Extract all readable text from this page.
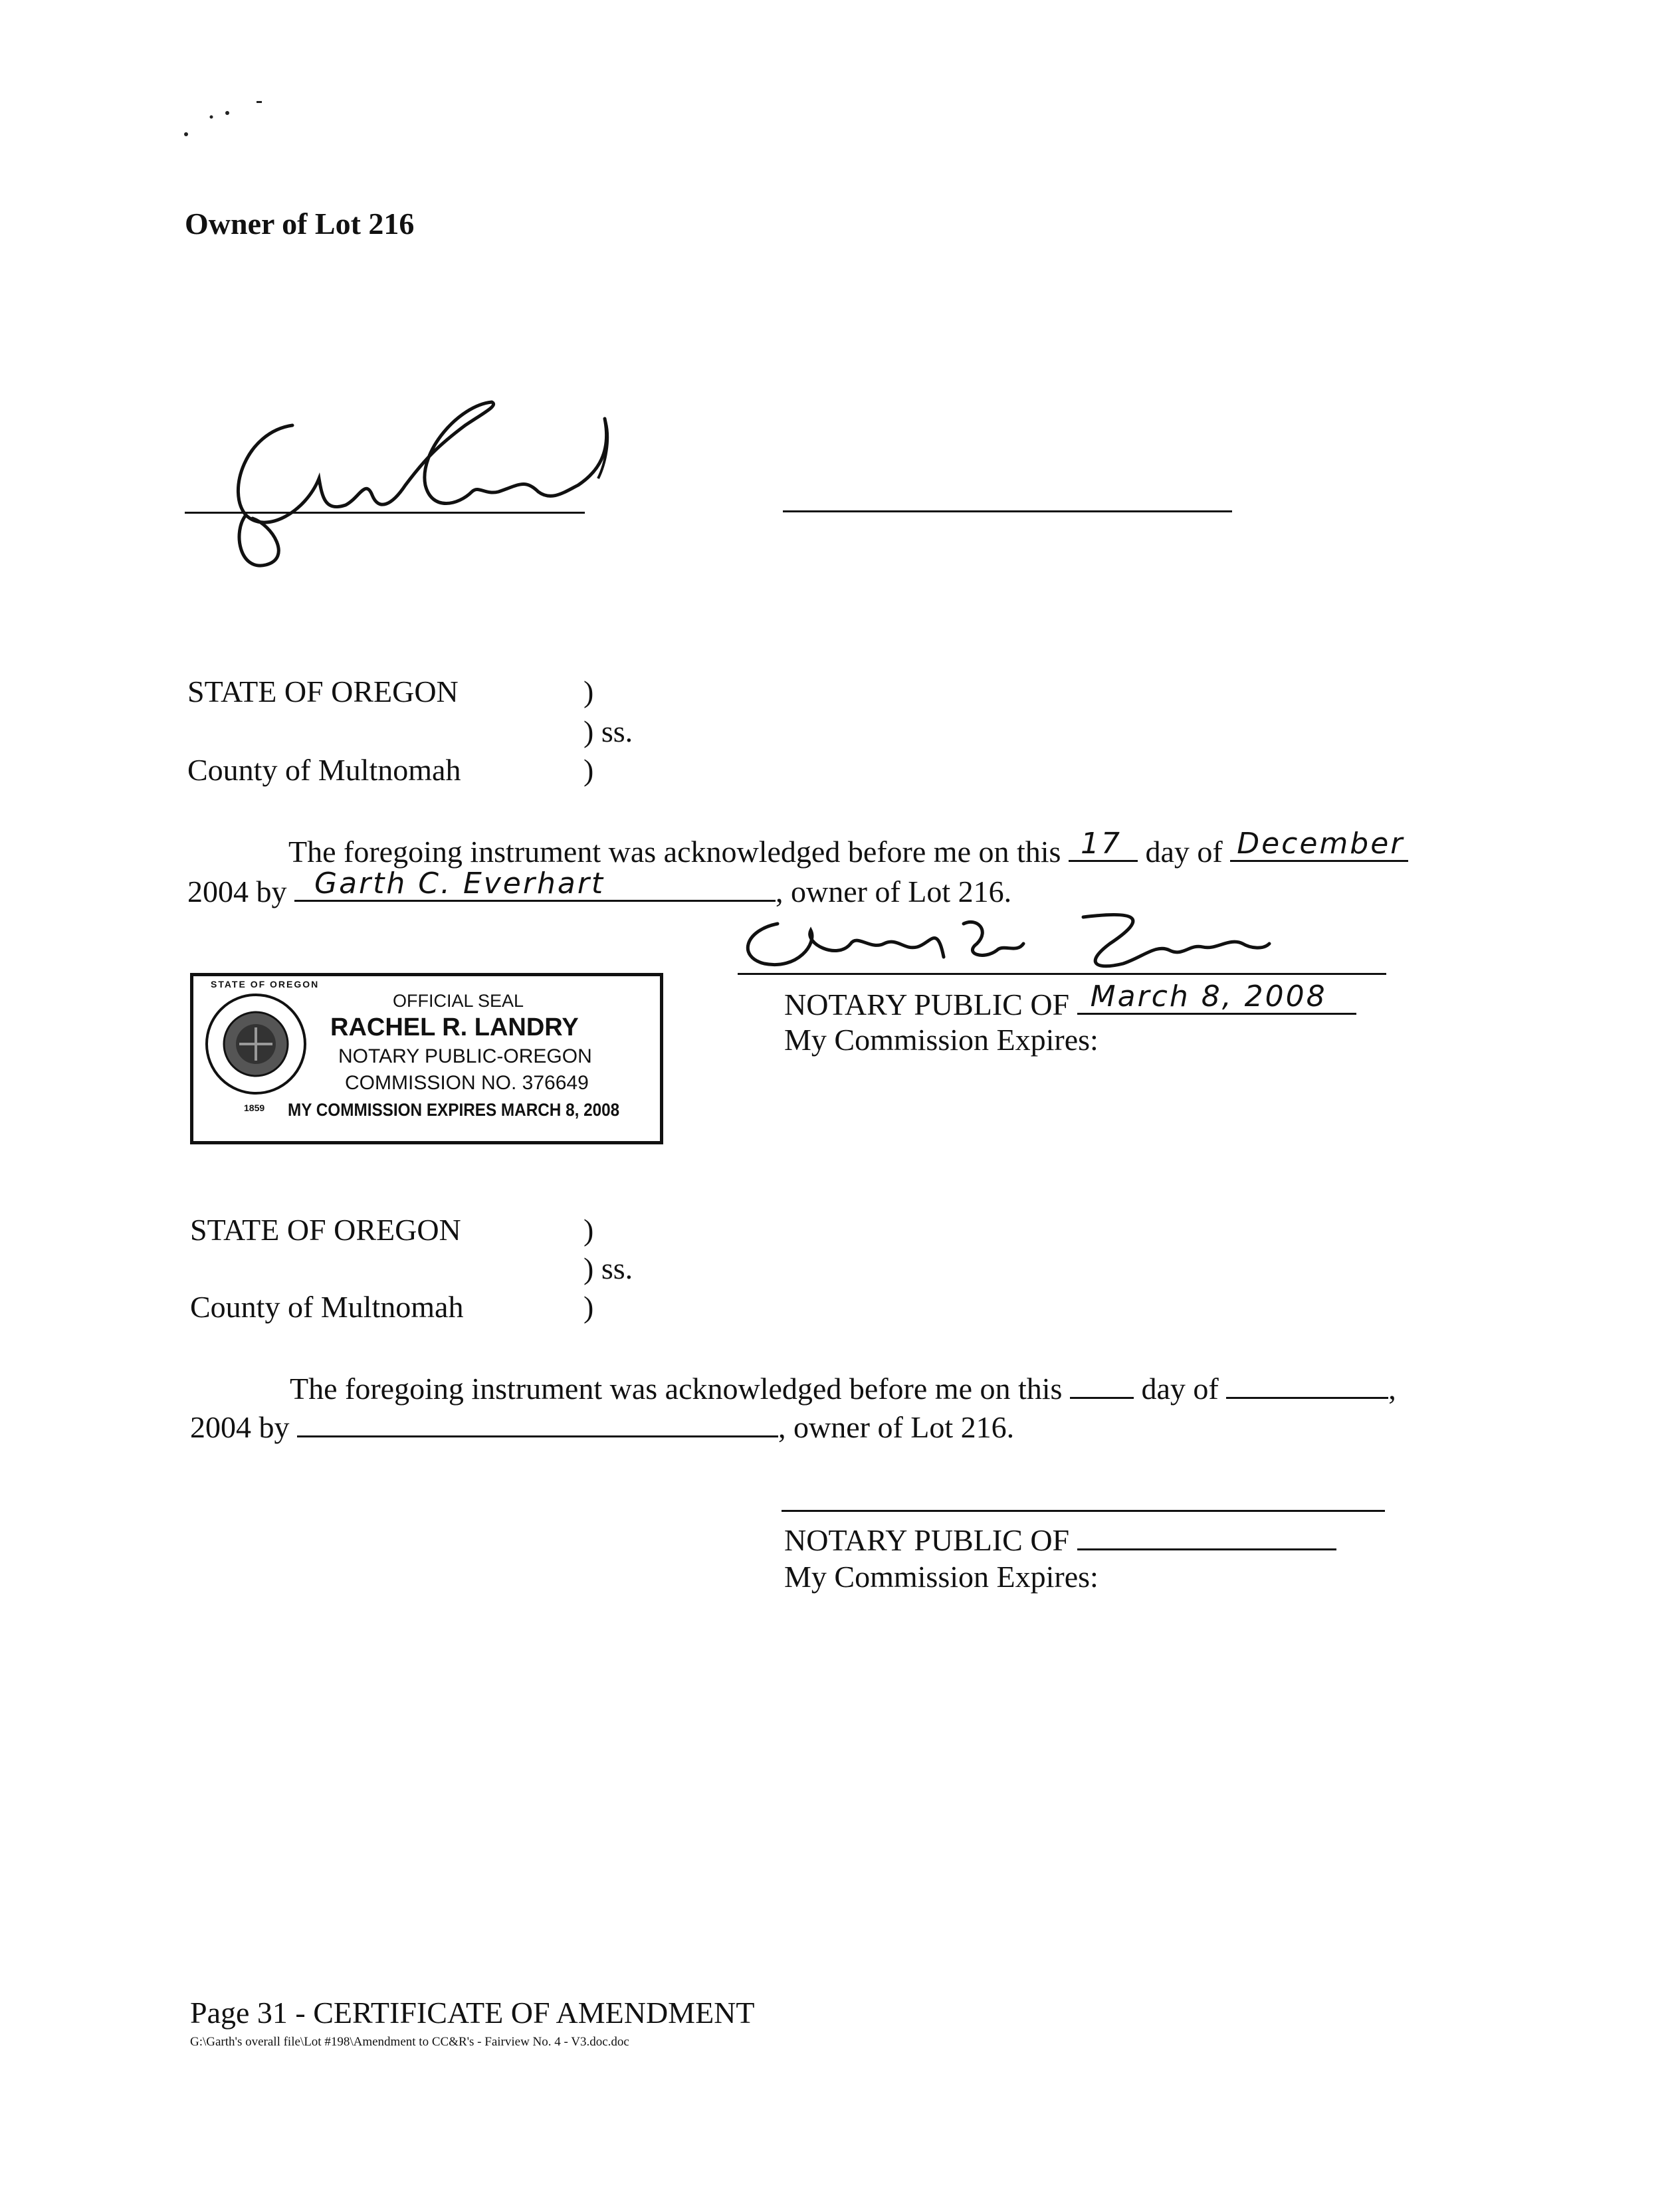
Owner of Lot 216
STATE OF OREGON	)
) ss.
County of Multnomah	)
The foregoing instrument was acknowledged before me on this 17 day of December
2004 by Garth C. Everhart	, owner of Lot 216.
NOTARY PUBLIC OF March 8, 2008
My Commission Expires:
STATE OF OREGON
1859
OFFICIAL SEAL
RACHEL R. LANDRY
NOTARY PUBLIC-OREGON
COMMISSION NO. 376649
MY COMMISSION EXPIRES MARCH 8, 2008
STATE OF OREGON	)
) ss.
County of Multnomah	)
The foregoing instrument was acknowledged before me on this	day of	,
2004 by	, owner of Lot 216.
NOTARY PUBLIC OF
My Commission Expires:
Page 31 - CERTIFICATE OF AMENDMENT
G:\Garth's overall file\Lot #198\Amendment to CC&R's - Fairview No. 4 - V3.doc.doc
